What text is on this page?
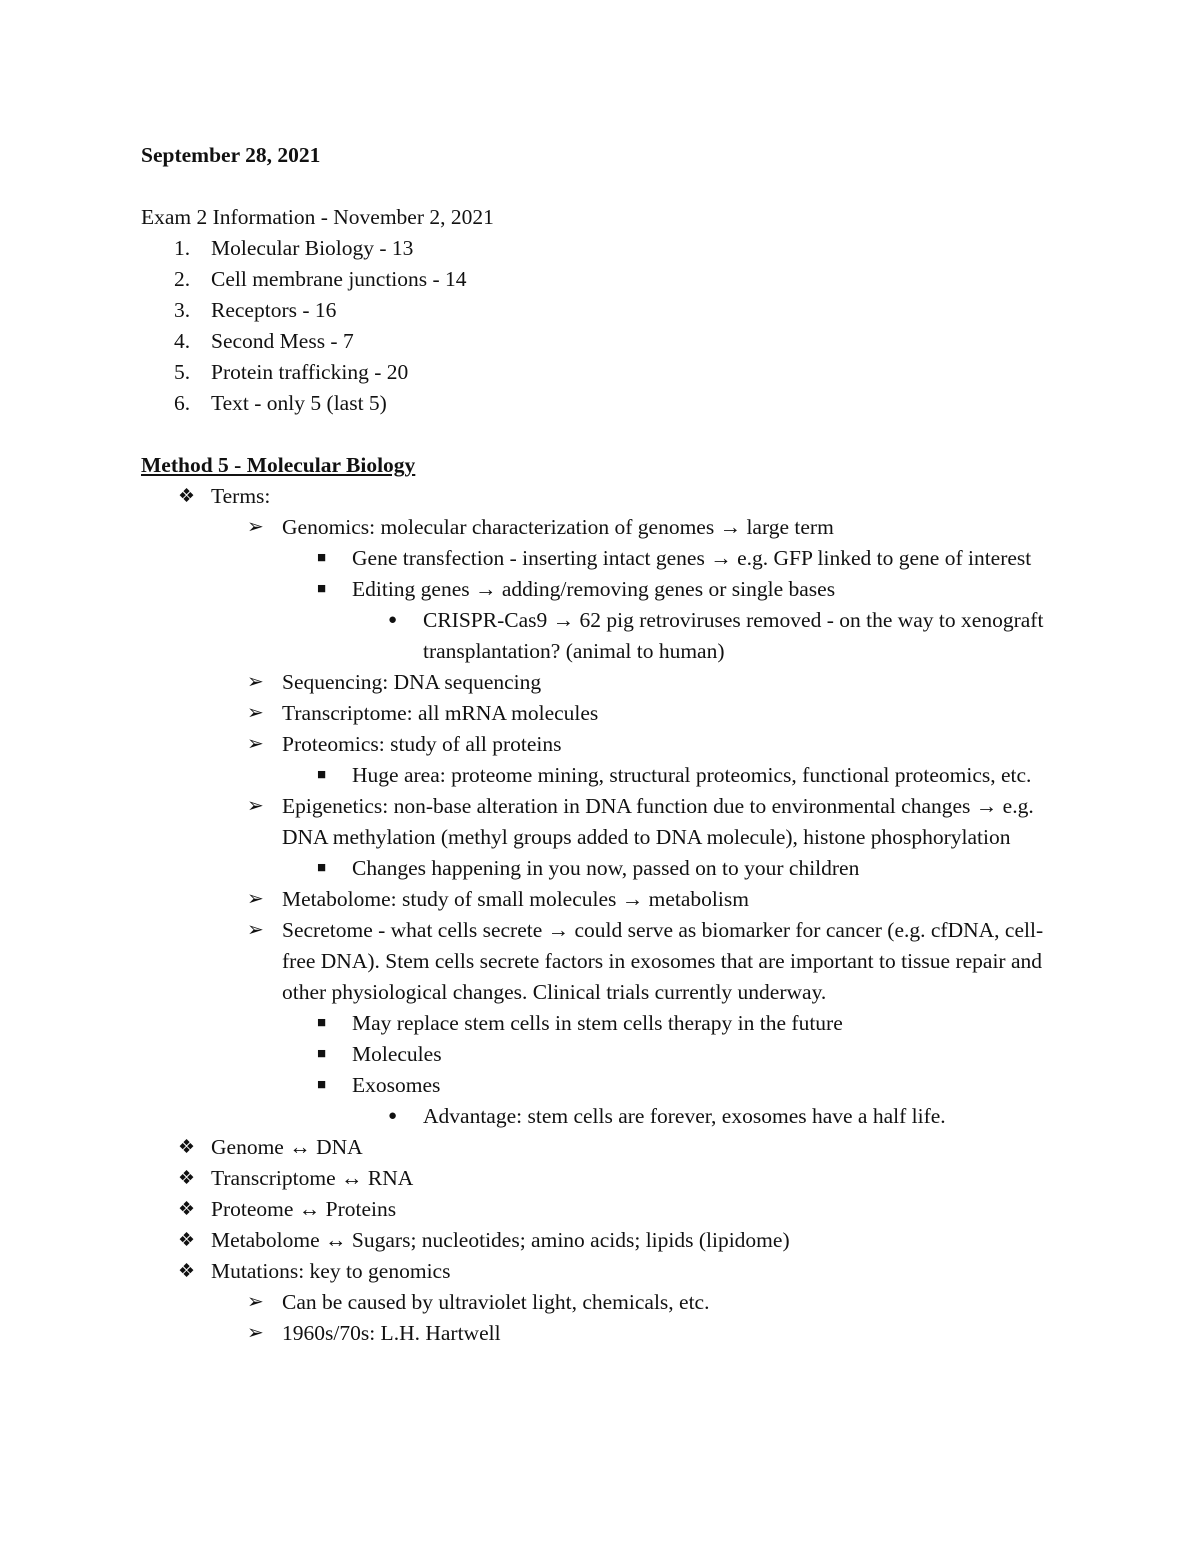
September 28, 2021

Exam 2 Information - November 2, 2021

1. Molecular Biology - 13
2. Cell membrane junctions - 14
3. Receptors - 16
4. Second Mess - 7
5. Protein trafficking - 20
6. Text - only 5 (last 5)

Method 5 - Molecular Biology

❖ Terms:
➢ Genomics: molecular characterization of genomes → large term
■	Gene transfection - inserting intact genes → e.g. GFP linked to gene of interest
■	Editing genes → adding/removing genes or single bases
●	CRISPR-Cas9 → 62 pig retroviruses removed - on the way to xenograft transplantation? (animal to human)
➢ Sequencing: DNA sequencing
➢ Transcriptome: all mRNA molecules
➢ Proteomics: study of all proteins
■	Huge area: proteome mining, structural proteomics, functional proteomics, etc.
➢ Epigenetics: non-base alteration in DNA function due to environmental changes → e.g. DNA methylation (methyl groups added to DNA molecule), histone phosphorylation
■	Changes happening in you now, passed on to your children
➢ Metabolome: study of small molecules → metabolism
➢ Secretome - what cells secrete → could serve as biomarker for cancer (e.g. cfDNA, cell-free DNA). Stem cells secrete factors in exosomes that are important to tissue repair and other physiological changes. Clinical trials currently underway.
■	May replace stem cells in stem cells therapy in the future
■	Molecules
■	Exosomes
●	Advantage: stem cells are forever, exosomes have a half life.
❖ Genome ↔ DNA
❖ Transcriptome ↔ RNA
❖ Proteome ↔ Proteins
❖ Metabolome ↔ Sugars; nucleotides; amino acids; lipids (lipidome)
❖ Mutations: key to genomics
➢ Can be caused by ultraviolet light, chemicals, etc.
➢ 1960s/70s: L.H. Hartwell
